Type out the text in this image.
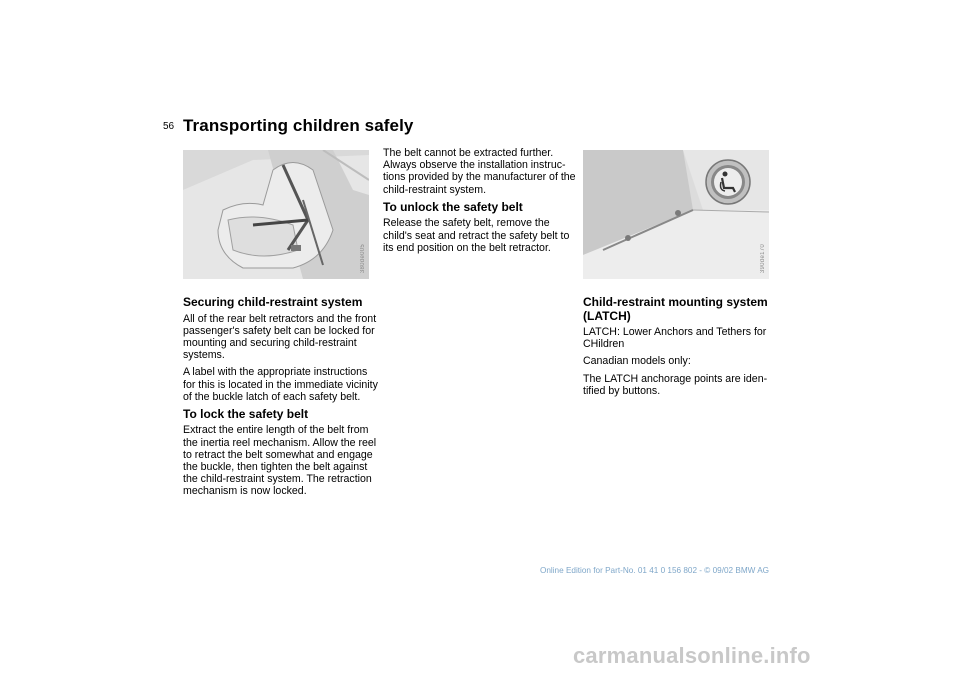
56 Transporting children safely
380de005	390de170
Securing child-restraint system

All of the rear belt retractors and the front passenger's safety belt can be locked for mounting and securing child-restraint systems.

A label with the appropriate instructions for this is located in the immediate vicinity of the buckle latch of each safety belt.

To lock the safety belt

Extract the entire length of the belt from the inertia reel mechanism. Allow the reel to retract the belt somewhat and engage the buckle, then tighten the belt against the child-restraint system. The retraction mechanism is now locked.

The belt cannot be extracted further. Always observe the installation instruc-tions provided by the manufacturer of the child-restraint system.

To unlock the safety belt

Release the safety belt, remove the child's seat and retract the safety belt to its end position on the belt retractor.

Child-restraint mounting system (LATCH)

LATCH: Lower Anchors and Tethers for CHildren

Canadian models only:

The LATCH anchorage points are iden-tified by buttons.

Online Edition for Part-No. 01 41 0 156 802 - © 09/02 BMW AG
carmanualsonline.info
